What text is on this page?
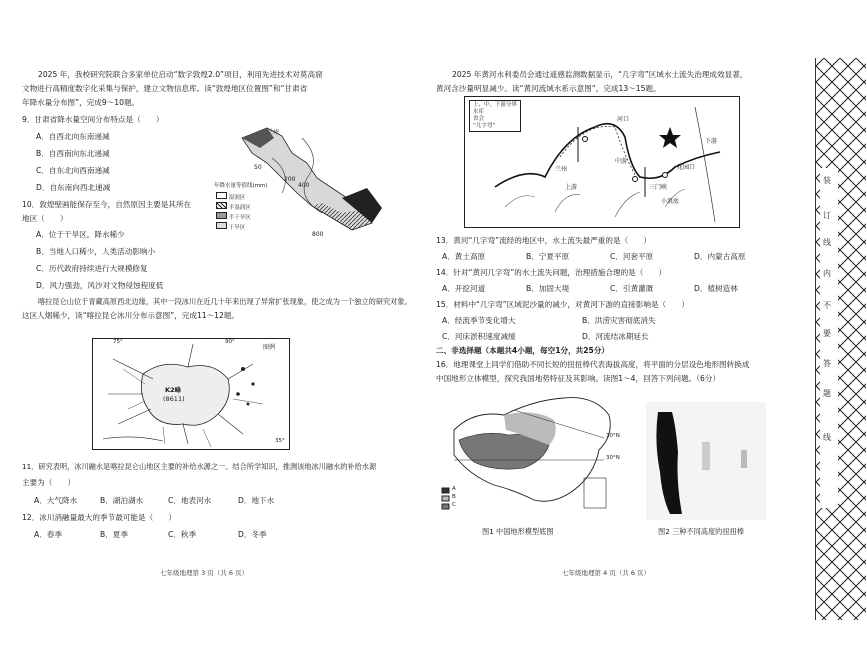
2025 年，我校研究院联合多家单位启动“数字敦煌2.0”项目，利用先进技术对莫高窟
文物进行高精度数字化采集与保护，建立文物信息库。读“敦煌地区位置图”和“甘肃省
年降水量分布图”，完成9～10题。
9．甘肃省降水量空间分布特点是（　　）
A．自西北向东南递减
B．自西南向东北递减
C．自东北向西南递减
D．自东南向西北递减
10．敦煌壁画能保存至今，自然原因主要是其所在
地区（　　）
A．位于干旱区，降水稀少
B．当地人口稀少，人类活动影响小
C．历代政府持续进行大规模修复
D．风力强劲，风沙对文物侵蚀程度低
兰州
50
200
400
800
年降水量等值线(mm)
湿润区
半湿润区
半干旱区
干旱区
喀拉昆仑山位于青藏高原西北边缘，其中一段冰川在近几十年来出现了异常扩张现象，使之成为一个独立的研究对象。
这区人烟稀少，读“喀拉昆仑冰川分布示意图”，完成11～12题。
K2峰
(8611)
75°	90°
35°
图例
11．研究表明，冰川融水是喀拉昆仑山地区主要的补给水源之一。结合所学知识，推测该地冰川融水的补给水源
主要为（　　）
A．大气降水	B．湖泊湖水	C．地表河水	D．地下水
12．冰川消融量最大的季节最可能是（　　）
A．春季	B．夏季	C．秋季	D．冬季
七年级地理第 3 页（共 6 页）
2025 年黄河水利委员会通过遥感监测数据显示，“几字弯”区域水土流失治理成效显著，
黄河含沙量明显减少。读“黄河流域水系示意图”，完成13～15题。
上、中、下游分界
水库
省会
“几字弯”
河口
兰州
三门峡
小浪底
花园口
上游
中游
下游
13．黄河“几字弯”流经的地区中，水土流失最严重的是（　　）
A．黄土高原	B．宁夏平原	C．河套平原	D．内蒙古高原
14．针对“黄河几字弯”的水土流失问题，治理措施合理的是（　　）
A．开挖河道	B．加固大堤	C．引黄灌溉	D．植树造林
15．材料中“几字弯”区域泥沙量的减少，对黄河下游的直接影响是（　　）
A．经流季节变化增大	B．洪涝灾害彻底消失
C．河床淤积速度减缓	D．河流结冰期延长
二、非选择题（本题共4小题，每空1分，共25分）
16．地理课堂上同学们借助不同长短的扭扭棒代表海拔高度，将平面的分层设色地形图转换成
中国地形立体模型，探究我国地势特征及其影响。读图1～4，回答下列问题。（6分）
30°N
30°N
A
B
C
图1 中国地形模型底图	图2 三种不同高度的扭扭棒
七年级地理第 4 页（共 6 页）
装
订
线
内
不
要
答
题
线
